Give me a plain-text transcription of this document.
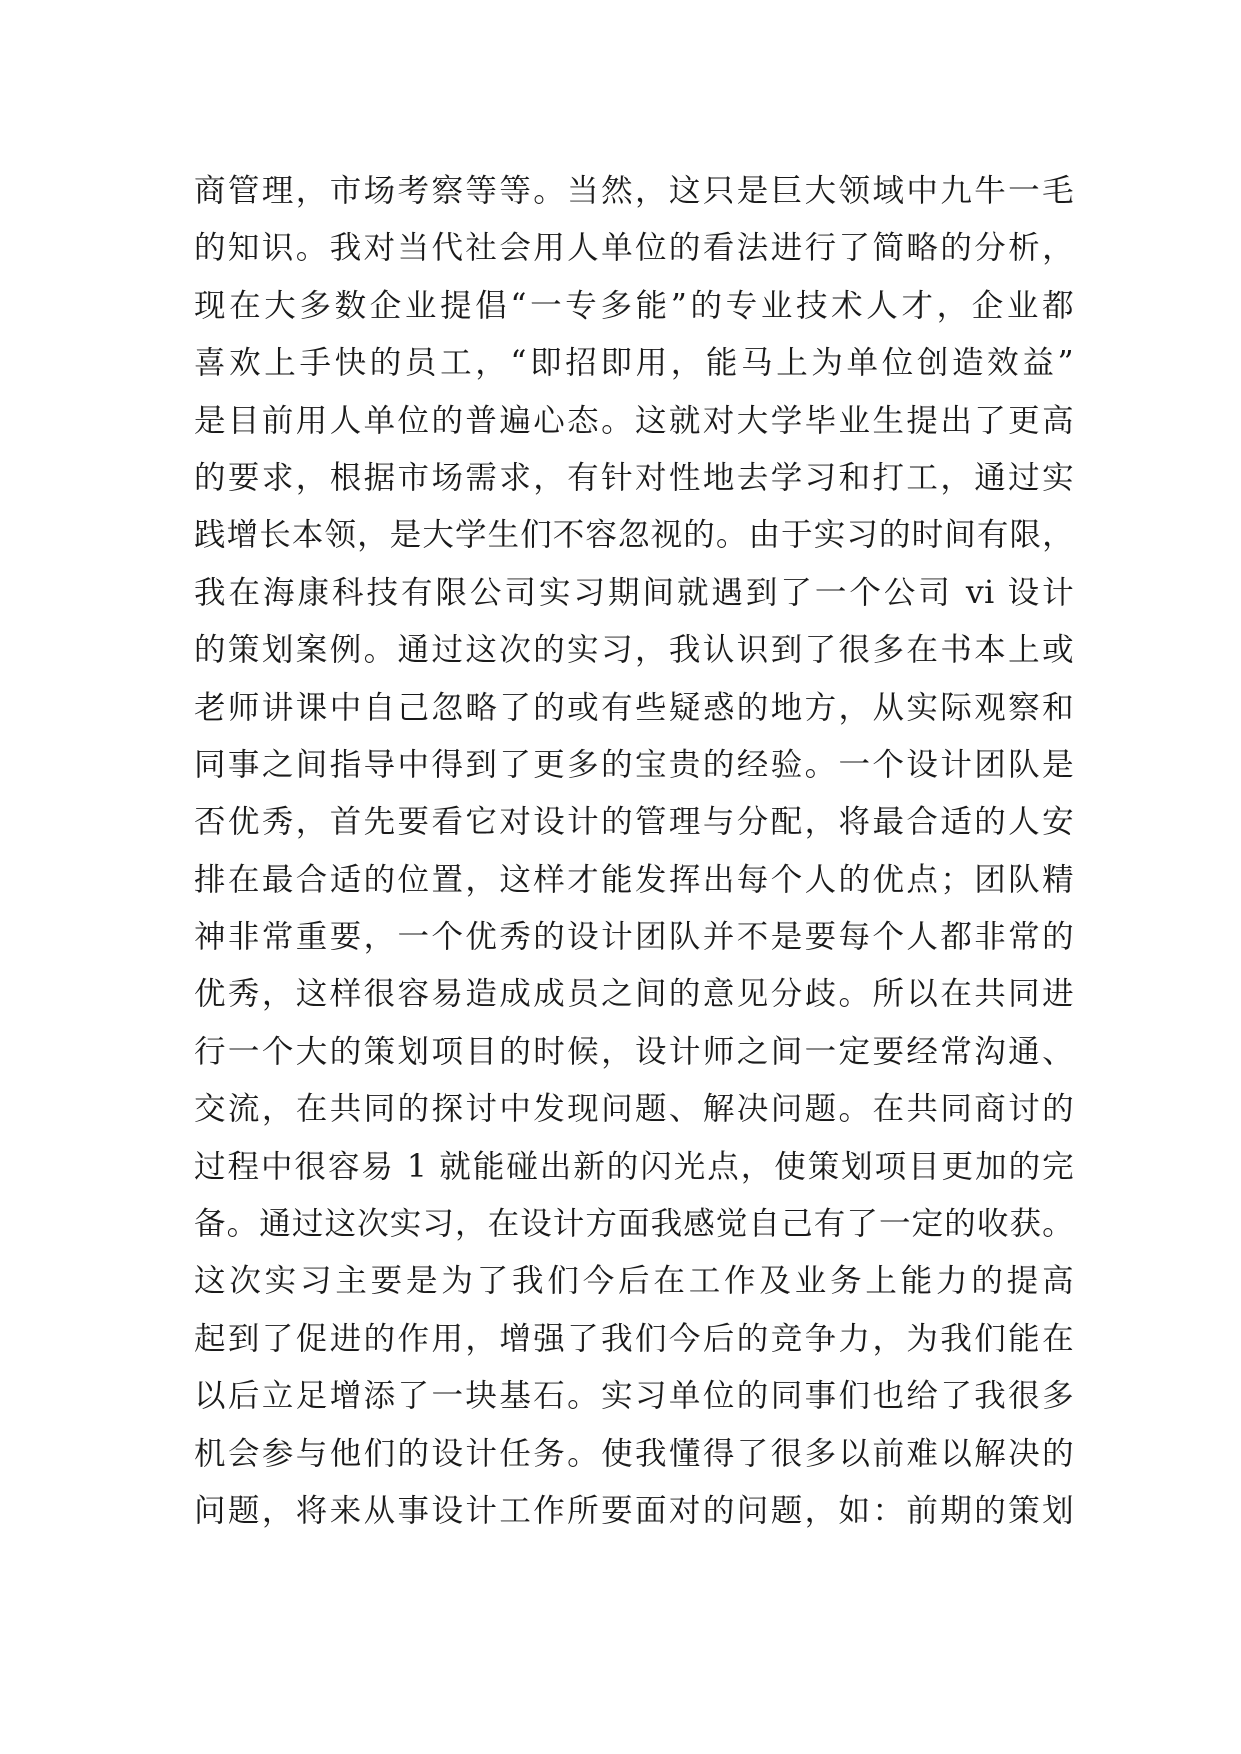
商管理，市场考察等等。当然，这只是巨大领域中九牛一毛
的知识。我对当代社会用人单位的看法进行了简略的分析，
现在大多数企业提倡“一专多能”的专业技术人才，企业都
喜欢上手快的员工，“即招即用，能马上为单位创造效益”
是目前用人单位的普遍心态。这就对大学毕业生提出了更高
的要求，根据市场需求，有针对性地去学习和打工，通过实
践增长本领，是大学生们不容忽视的。由于实习的时间有限，
我在海康科技有限公司实习期间就遇到了一个公司 vi 设计
的策划案例。通过这次的实习，我认识到了很多在书本上或
老师讲课中自己忽略了的或有些疑惑的地方，从实际观察和
同事之间指导中得到了更多的宝贵的经验。一个设计团队是
否优秀，首先要看它对设计的管理与分配，将最合适的人安
排在最合适的位置，这样才能发挥出每个人的优点；团队精
神非常重要，一个优秀的设计团队并不是要每个人都非常的
优秀，这样很容易造成成员之间的意见分歧。所以在共同进
行一个大的策划项目的时候，设计师之间一定要经常沟通、
交流，在共同的探讨中发现问题、解决问题。在共同商讨的
过程中很容易 1 就能碰出新的闪光点，使策划项目更加的完
备。通过这次实习，在设计方面我感觉自己有了一定的收获。
这次实习主要是为了我们今后在工作及业务上能力的提高
起到了促进的作用，增强了我们今后的竞争力，为我们能在
以后立足增添了一块基石。实习单位的同事们也给了我很多
机会参与他们的设计任务。使我懂得了很多以前难以解决的
问题，将来从事设计工作所要面对的问题，如：前期的策划
